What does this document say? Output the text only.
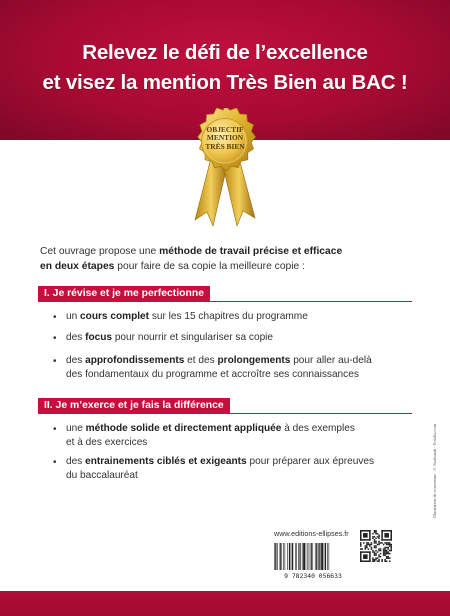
Relevez le défi de l’excellence
et visez la mention Très Bien au BAC !
OBJECTIF
MENTION
TRÈS BIEN
Cet ouvrage propose une méthode de travail précise et efficace
en deux étapes pour faire de sa copie la meilleure copie :
I. Je révise et je me perfectionne
• un cours complet sur les 15 chapitres du programme
• des focus pour nourrir et singulariser sa copie
• des approfondissements et des prolongements pour aller au-delà
des fondamentaux du programme et accroître ses connaissances
II. Je m’exerce et je fais la différence
• une méthode solide et directement appliquée à des exemples
et à des exercices
• des entrainements ciblés et exigeants pour préparer aux épreuves
du baccalauréat	Illustration de couverture : © Szabonah - Fotolia.com
www.editions-ellipses.fr
9 782340 056633
